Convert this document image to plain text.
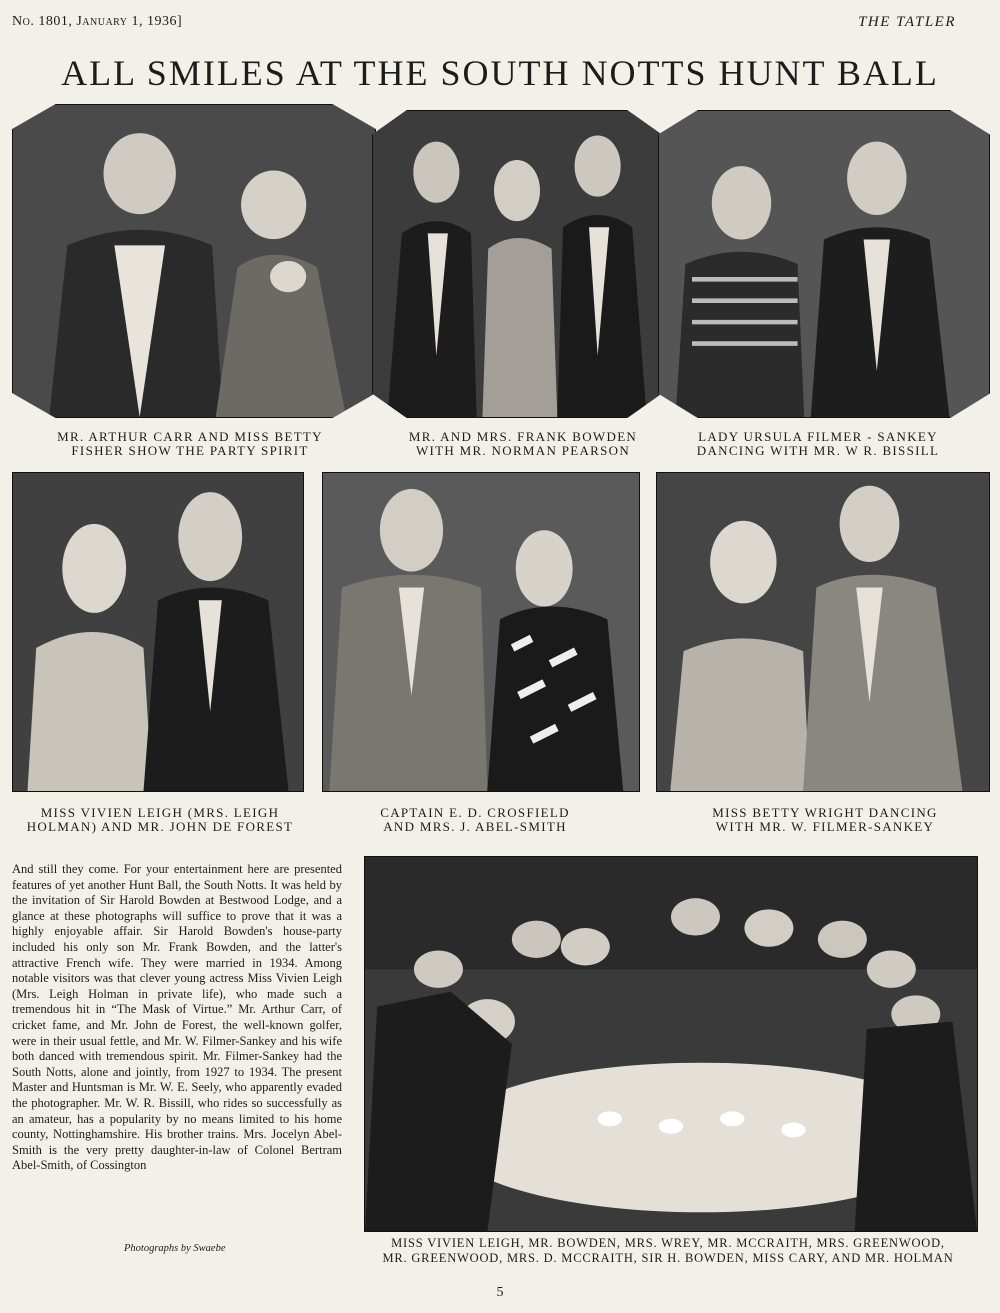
No. 1801, January 1, 1936]	THE TATLER
ALL SMILES AT THE SOUTH NOTTS HUNT BALL
MR. ARTHUR CARR AND MISS BETTY
FISHER SHOW THE PARTY SPIRIT
MR. AND MRS. FRANK BOWDEN
WITH MR. NORMAN PEARSON
LADY URSULA FILMER - SANKEY
DANCING WITH MR. W R. BISSILL
MISS VIVIEN LEIGH (MRS. LEIGH
HOLMAN) AND MR. JOHN DE FOREST
CAPTAIN E. D. CROSFIELD
AND MRS. J. ABEL-SMITH
MISS BETTY WRIGHT DANCING
WITH MR. W. FILMER-SANKEY
And still they come. For your entertainment here are presented features of yet another Hunt Ball, the South Notts. It was held by the invitation of Sir Harold Bowden at Bestwood Lodge, and a glance at these photographs will suffice to prove that it was a highly enjoyable affair. Sir Harold Bowden's house-party included his only son Mr. Frank Bowden, and the latter's attractive French wife. They were married in 1934. Among notable visitors was that clever young actress Miss Vivien Leigh (Mrs. Leigh Holman in private life), who made such a tremendous hit in “The Mask of Virtue.” Mr. Arthur Carr, of cricket fame, and Mr. John de Forest, the well-known golfer, were in their usual fettle, and Mr. W. Filmer-Sankey and his wife both danced with tremendous spirit. Mr. Filmer-Sankey had the South Notts, alone and jointly, from 1927 to 1934. The present Master and Huntsman is Mr. W. E. Seely, who apparently evaded the photographer. Mr. W. R. Bissill, who rides so successfully as an amateur, has a popularity by no means limited to his home county, Nottinghamshire. His brother trains. Mrs. Jocelyn Abel-Smith is the very pretty daughter-in-law of Colonel Bertram Abel-Smith, of Cossington
Photographs by Swaebe	MISS VIVIEN LEIGH, MR. BOWDEN, MRS. WREY, MR. MCCRAITH, MRS. GREENWOOD,
MR. GREENWOOD, MRS. D. MCCRAITH, SIR H. BOWDEN, MISS CARY, AND MR. HOLMAN
5
